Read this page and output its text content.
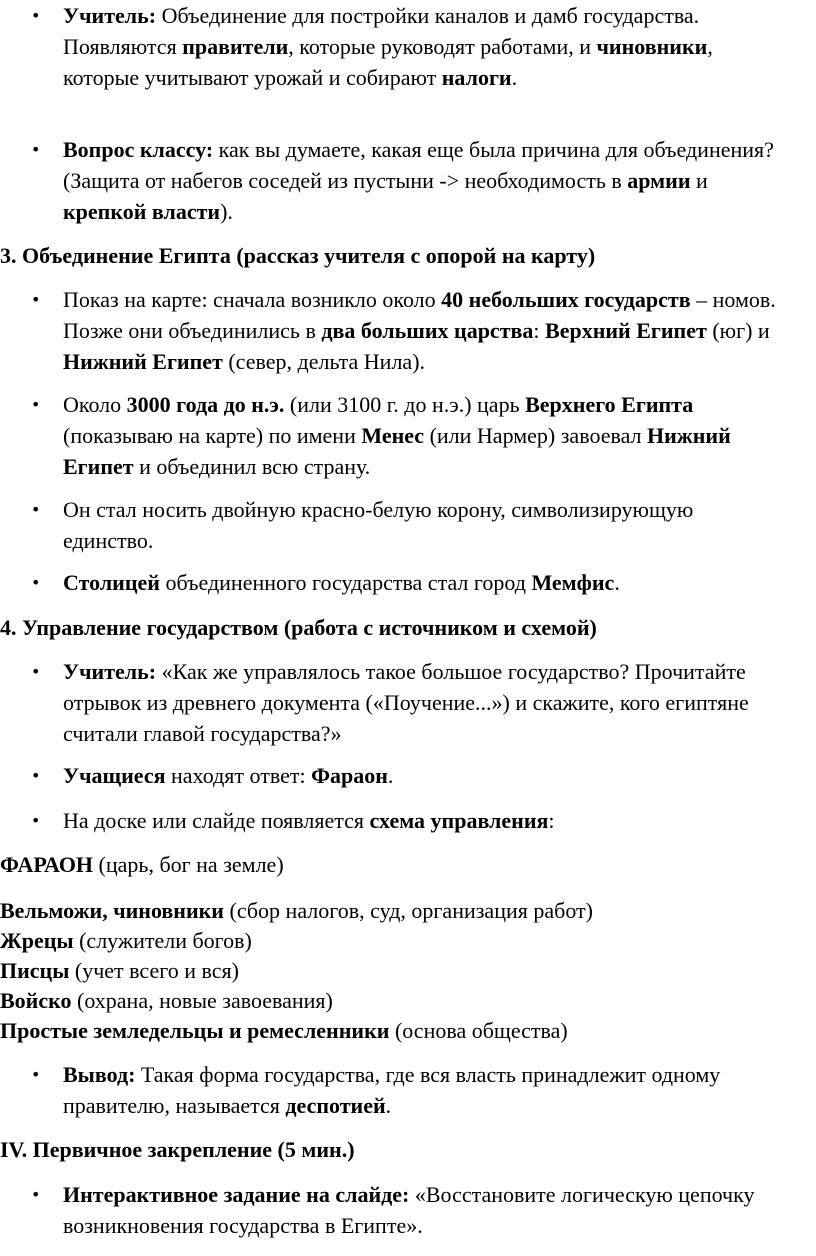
• Учитель: Объединение для постройки каналов и дамб государства. Появляются правители, которые руководят работами, и чиновники, которые учитывают урожай и собирают налоги.

• Вопрос классу: как вы думаете, какая еще была причина для объединения? (Защита от набегов соседей из пустыни -> необходимость в армии и крепкой власти).

3. Объединение Египта (рассказ учителя с опорой на карту)

• Показ на карте: сначала возникло около 40 небольших государств – номов. Позже они объединились в два больших царства: Верхний Египет (юг) и Нижний Египет (север, дельта Нила).

• Около 3000 года до н.э. (или 3100 г. до н.э.) царь Верхнего Египта (показываю на карте) по имени Менес (или Нармер) завоевал Нижний Египет и объединил всю страну.

• Он стал носить двойную красно-белую корону, символизирующую единство.

• Столицей объединенного государства стал город Мемфис.

4. Управление государством (работа с источником и схемой)

• Учитель: «Как же управлялось такое большое государство? Прочитайте отрывок из древнего документа («Поучение...») и скажите, кого египтяне считали главой государства?»

• Учащиеся находят ответ: Фараон.

• На доске или слайде появляется схема управления:

ФАРАОН (царь, бог на земле)

Вельможи, чиновники (сбор налогов, суд, организация работ)

Жрецы (служители богов)

Писцы (учет всего и вся)

Войско (охрана, новые завоевания)

Простые земледельцы и ремесленники (основа общества)

• Вывод: Такая форма государства, где вся власть принадлежит одному правителю, называется деспотией.

IV. Первичное закрепление (5 мин.)

• Интерактивное задание на слайде: «Восстановите логическую цепочку возникновения государства в Египте».
